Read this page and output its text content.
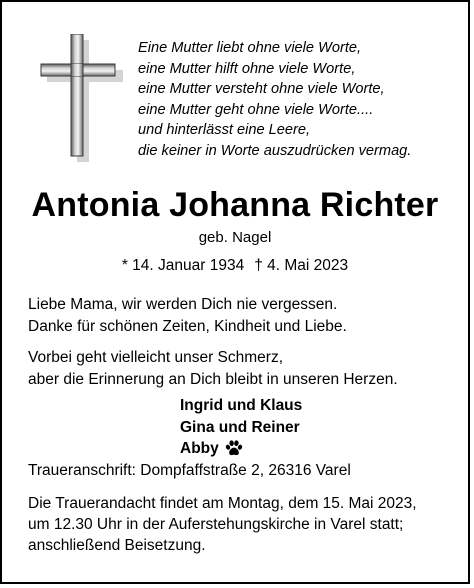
Eine Mutter liebt ohne viele Worte,
eine Mutter hilft ohne viele Worte,
eine Mutter versteht ohne viele Worte,
eine Mutter geht ohne viele Worte....
und hinterlässt eine Leere,
die keiner in Worte auszudrücken vermag.
Antonia Johanna Richter
geb. Nagel
* 14. Januar 1934 † 4. Mai 2023

Liebe Mama, wir werden Dich nie vergessen.
Danke für schönen Zeiten, Kindheit und Liebe.

Vorbei geht vielleicht unser Schmerz,
aber die Erinnerung an Dich bleibt in unseren Herzen.

Ingrid und Klaus
Gina und Reiner
Abby
Traueranschrift: Dompfaffstraße 2, 26316 Varel
Die Trauerandacht findet am Montag, dem 15. Mai 2023,
um 12.30 Uhr in der Auferstehungskirche in Varel statt;
anschließend Beisetzung.
